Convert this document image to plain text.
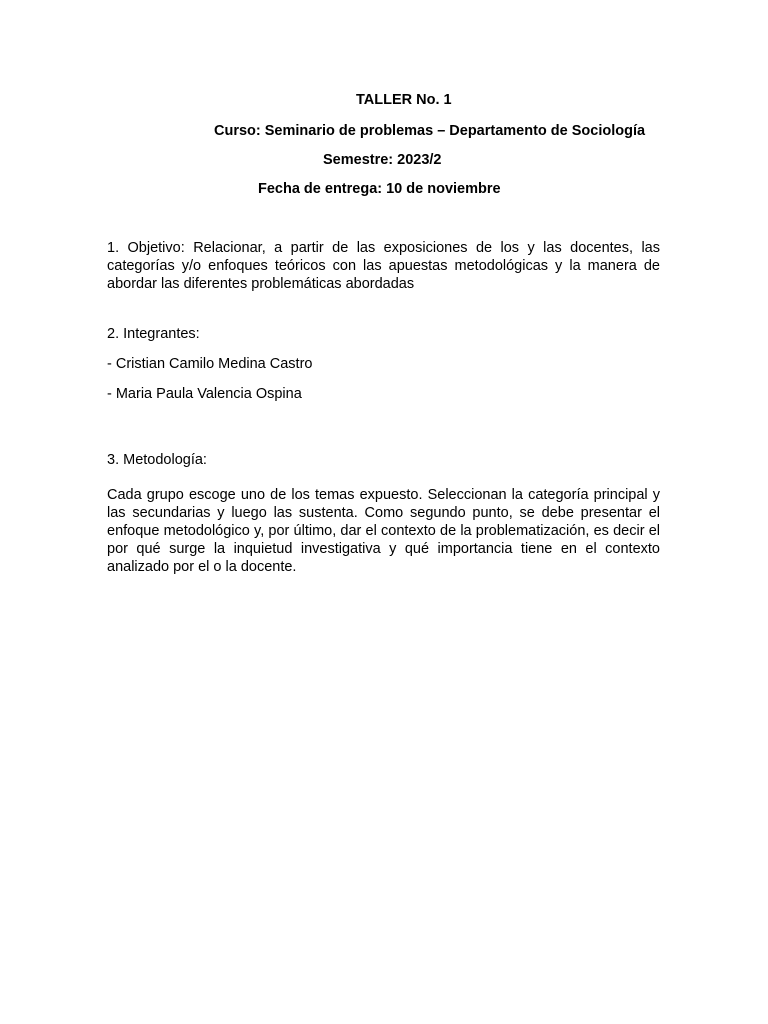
TALLER No. 1
Curso: Seminario de problemas – Departamento de Sociología
Semestre: 2023/2
Fecha de entrega: 10 de noviembre
1. Objetivo: Relacionar, a partir de las exposiciones de los y las docentes, las categorías y/o enfoques teóricos con las apuestas metodológicas y la manera de abordar las diferentes problemáticas abordadas
2. Integrantes:
- Cristian Camilo Medina Castro
- Maria Paula Valencia Ospina
3. Metodología:
Cada grupo escoge uno de los temas expuesto. Seleccionan la categoría principal y las secundarias y luego las sustenta. Como segundo punto, se debe presentar el enfoque metodológico y, por último, dar el contexto de la problematización, es decir el por qué surge la inquietud investigativa y qué importancia tiene en el contexto analizado por el o la docente.
